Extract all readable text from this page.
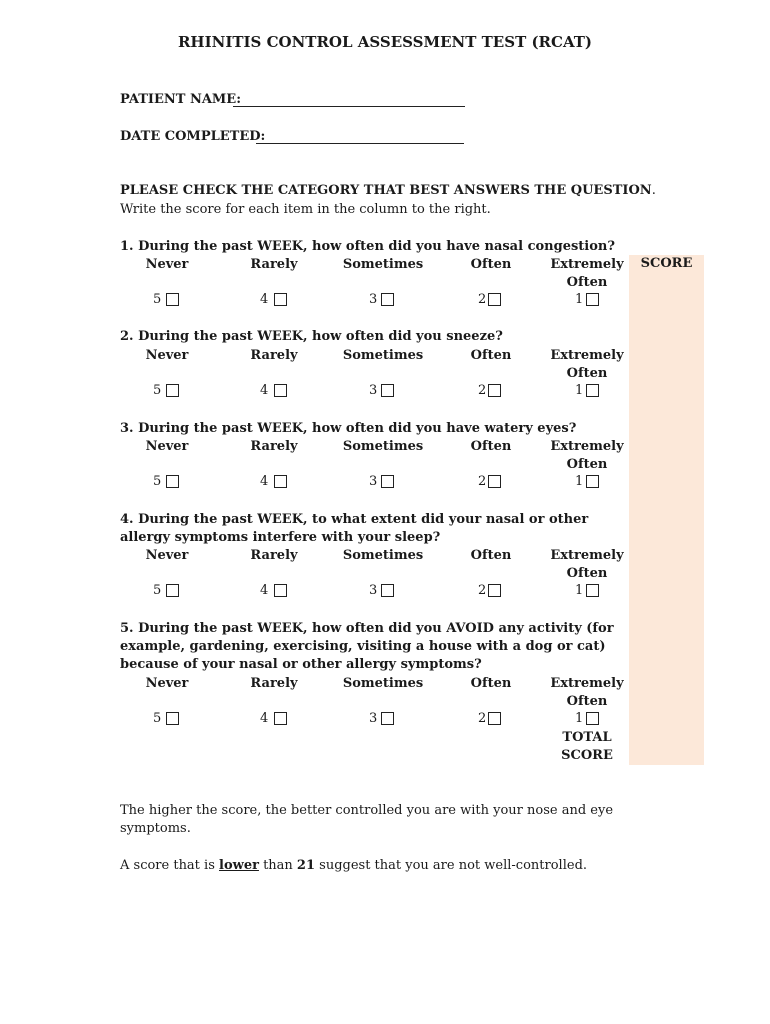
RHINITIS CONTROL ASSESSMENT TEST (RCAT)
PATIENT NAME:
DATE COMPLETED:
PLEASE CHECK THE CATEGORY THAT BEST ANSWERS THE QUESTION.
Write the score for each item in the column to the right.
SCORE
1. During the past WEEK, how often did you have nasal congestion?
Never
5
Rarely
4
Sometimes
3
Often
2
Extremely Often
1
2. During the past WEEK, how often did you sneeze?
Never
5
Rarely
4
Sometimes
3
Often
2
Extremely Often
1
3. During the past WEEK, how often did you have watery eyes?
Never
5
Rarely
4
Sometimes
3
Often
2
Extremely Often
1
4. During the past WEEK, to what extent did your nasal or other allergy symptoms interfere with your sleep?
Never
5
Rarely
4
Sometimes
3
Often
2
Extremely Often
1
5. During the past WEEK, how often did you AVOID any activity (for example, gardening, exercising, visiting a house with a dog or cat) because of your nasal or other allergy symptoms?
Never
5
Rarely
4
Sometimes
3
Often
2
Extremely Often
1
TOTAL
SCORE
The higher the score, the better controlled you are with your nose and eye symptoms.
A score that is lower than 21 suggest that you are not well-controlled.
